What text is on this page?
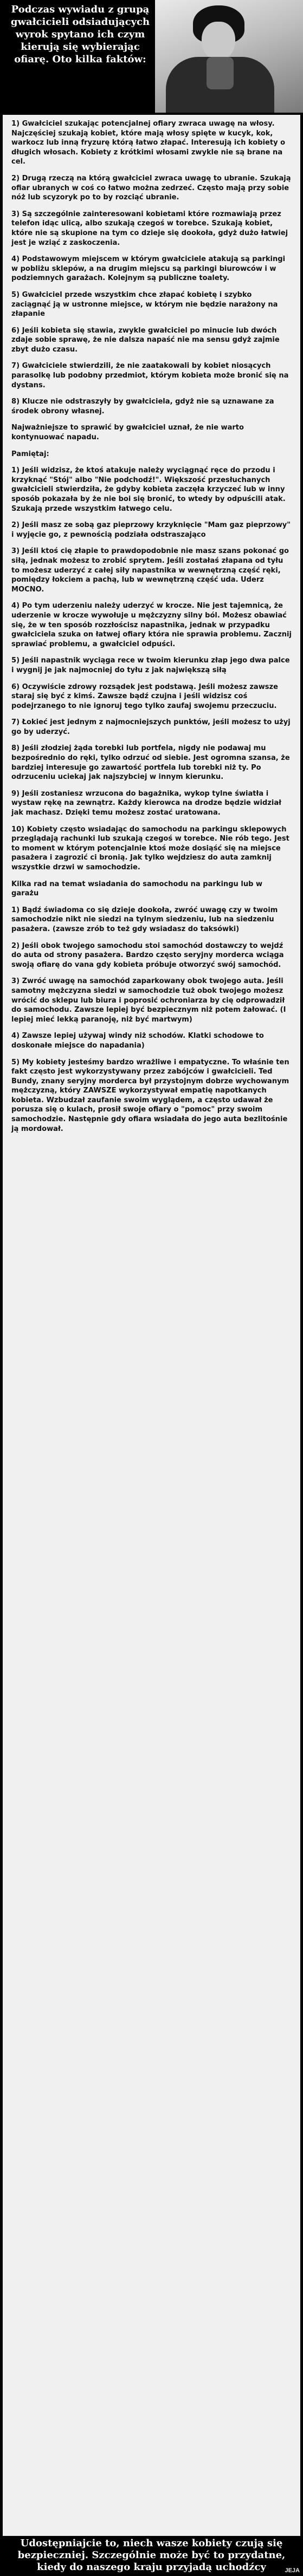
Podczas wywiadu z grupą gwałcicieli odsiadujących wyrok spytano ich czym kierują się wybierając ofiarę. Oto kilka faktów:

1) Gwałciciel szukając potencjalnej ofiary zwraca uwagę na włosy. Najczęściej szukają kobiet, które mają włosy spięte w kucyk, kok, warkocz lub inną fryzurę którą łatwo złapać. Interesują ich kobiety o długich włosach. Kobiety z krótkimi włosami zwykle nie są brane na cel.

2) Drugą rzeczą na którą gwałciciel zwraca uwagę to ubranie. Szukają ofiar ubranych w coś co łatwo można zedrzeć. Często mają przy sobie nóż lub scyzoryk po to by rozciąć ubranie.

3) Są szczególnie zainteresowani kobietami które rozmawiają przez telefon idąc ulicą, albo szukają czegoś w torebce. Szukają kobiet, które nie są skupione na tym co dzieje się dookoła, gdyż dużo łatwiej jest je wziąć z zaskoczenia.

4) Podstawowym miejscem w którym gwałciciele atakują są parkingi w pobliżu sklepów, a na drugim miejscu są parkingi biurowców i w podziemnych garażach. Kolejnym są publiczne toalety.

5) Gwałciciel przede wszystkim chce złapać kobietę i szybko zaciągnąć ją w ustronne miejsce, w którym nie będzie narażony na złapanie

6) Jeśli kobieta się stawia, zwykle gwałciciel po minucie lub dwóch zdaje sobie sprawę, że nie dalsza napaść nie ma sensu gdyż zajmie zbyt dużo czasu.

7) Gwałciciele stwierdzili, że nie zaatakowali by kobiet niosących parasolkę lub podobny przedmiot, którym kobieta może bronić się na dystans.

8) Klucze nie odstraszyły by gwałciciela, gdyż nie są uznawane za środek obrony własnej.

Najważniejsze to sprawić by gwałciciel uznał, że nie warto kontynuować napadu.

Pamiętaj:

1) Jeśli widzisz, że ktoś atakuje należy wyciągnąć ręce do przodu i krzyknąć "Stój" albo "Nie podchodź!". Większość przesłuchanych gwałcicieli stwierdziła, że gdyby kobieta zaczęła krzyczeć lub w inny sposób pokazała by że nie boi się bronić, to wtedy by odpuścili atak. Szukają przede wszystkim łatwego celu.

2) Jeśli masz ze sobą gaz pieprzowy krzyknięcie "Mam gaz pieprzowy" i wyjęcie go, z pewnością podziała odstraszająco

3) Jeśli ktoś cię złapie to prawdopodobnie nie masz szans pokonać go siłą, jednak możesz to zrobić sprytem. Jeśli zostałaś złapana od tyłu to możesz uderzyć z całej siły napastnika w wewnętrzną część ręki, pomiędzy łokciem a pachą, lub w wewnętrzną część uda. Uderz MOCNO.

4) Po tym uderzeniu należy uderzyć w krocze. Nie jest tajemnicą, że uderzenie w krocze wywołuje u mężczyzny silny ból. Możesz obawiać się, że w ten sposób rozzłościsz napastnika, jednak w przypadku gwałciciela szuka on łatwej ofiary która nie sprawia problemu. Zacznij sprawiać problemu, a gwałciciel odpuści.

5) Jeśli napastnik wyciąga rece w twoim kierunku złap jego dwa palce i wygnij je jak najmocniej do tyłu z jak największą siłą

6) Oczywiście zdrowy rozsądek jest podstawą. Jeśli możesz zawsze staraj się być z kimś. Zawsze bądź czujna i jeśli widzisz coś podejrzanego to nie ignoruj tego tylko zaufaj swojemu przeczuciu.

7) Łokieć jest jednym z najmocniejszych punktów, jeśli możesz to użyj go by uderzyć.

8) Jeśli złodziej żąda torebki lub portfela, nigdy nie podawaj mu bezpośrednio do ręki, tylko odrzuć od siebie. Jest ogromna szansa, że bardziej interesuje go zawartość portfela lub torebki niż ty. Po odrzuceniu uciekaj jak najszybciej w innym kierunku.

9) Jeśli zostaniesz wrzucona do bagażnika, wykop tylne światła i wystaw rękę na zewnątrz. Każdy kierowca na drodze będzie widział jak machasz. Dzięki temu możesz zostać uratowana.

10) Kobiety często wsiadając do samochodu na parkingu sklepowych przeglądają rachunki lub szukają czegoś w torebce. Nie rób tego. Jest to moment w którym potencjalnie ktoś może dosiąść się na miejsce pasażera i zagrozić ci bronią. Jak tylko wejdziesz do auta zamknij wszystkie drzwi w samochodzie.

Kilka rad na temat wsiadania do samochodu na parkingu lub w garażu

1) Bądź świadoma co się dzieje dookoła, zwróć uwagę czy w twoim samochodzie nikt nie siedzi na tylnym siedzeniu, lub na siedzeniu pasażera. (zawsze zrób to też gdy wsiadasz do taksówki)

2) Jeśli obok twojego samochodu stoi samochód dostawczy to wejdź do auta od strony pasażera. Bardzo często seryjny morderca wciąga swoją ofiarę do vana gdy kobieta próbuje otworzyć swój samochód.

3) Zwróć uwagę na samochód zaparkowany obok twojego auta. Jeśli samotny mężczyzna siedzi w samochodzie tuż obok twojego możesz wrócić do sklepu lub biura i poprosić ochroniarza by cię odprowadził do samochodu. Zawsze lepiej być bezpiecznym niż potem żałować. (I lepiej mieć lekką paranoję, niż być martwym)

4) Zawsze lepiej używaj windy niż schodów. Klatki schodowe to doskonałe miejsce do napadania)

5) My kobiety jesteśmy bardzo wrażliwe i empatyczne. To właśnie ten fakt często jest wykorzystywany przez zabójców i gwałcicieli. Ted Bundy, znany seryjny morderca był przystojnym dobrze wychowanym mężczyzną, który ZAWSZE wykorzystywał empatię napotkanych kobieta. Wzbudzał zaufanie swoim wyglądem, a często udawał że porusza się o kulach, prosił swoje ofiary o "pomoc" przy swoim samochodzie. Następnie gdy ofiara wsiadała do jego auta bezlitośnie ją mordował.

Udostępniajcie to, niech wasze kobiety czują się bezpieczniej. Szczególnie może być to przydatne, kiedy do naszego kraju przyjadą uchodźcy	JEJA
